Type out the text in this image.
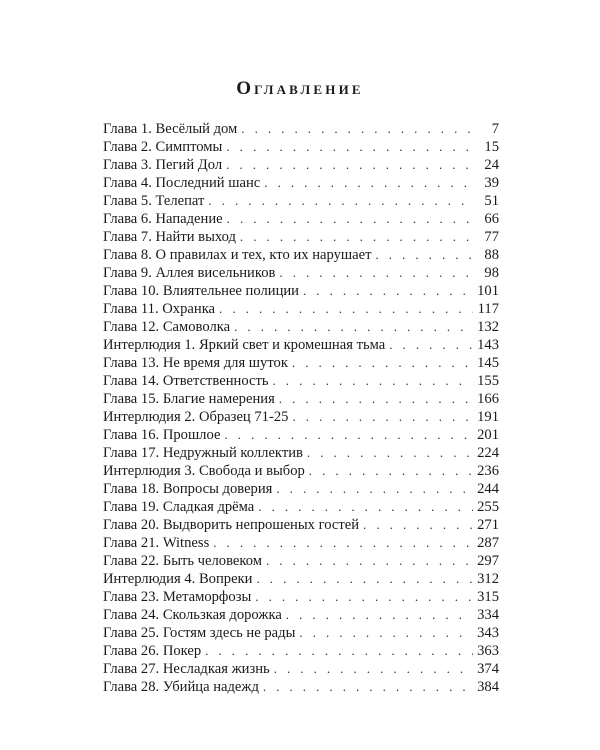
Оглавление
Глава 1. Весёлый дом . . .	7
Глава 2. Симптомы . . .	15
Глава 3. Пегий Дол . . .	24
Глава 4. Последний шанс . . .	39
Глава 5. Телепат . . .	51
Глава 6. Нападение . . .	66
Глава 7. Найти выход . . .	77
Глава 8. О правилах и тех, кто их нарушает . . .	88
Глава 9. Аллея висельников . . .	98
Глава 10. Влиятельнее полиции . . .	101
Глава 11. Охранка . . .	117
Глава 12. Самоволка . . .	132
Интерлюдия 1. Яркий свет и кромешная тьма . . .	143
Глава 13. Не время для шуток . . .	145
Глава 14. Ответственность . . .	155
Глава 15. Благие намерения . . .	166
Интерлюдия 2. Образец 71-25 . . .	191
Глава 16. Прошлое . . .	201
Глава 17. Недружный коллектив . . .	224
Интерлюдия 3. Свобода и выбор . . .	236
Глава 18. Вопросы доверия . . .	244
Глава 19. Сладкая дрёма . . .	255
Глава 20. Выдворить непрошеных гостей . . .	271
Глава 21. Witness . . .	287
Глава 22. Быть человеком . . .	297
Интерлюдия 4. Вопреки . . .	312
Глава 23. Метаморфозы . . .	315
Глава 24. Скользкая дорожка . . .	334
Глава 25. Гостям здесь не рады . . .	343
Глава 26. Покер . . .	363
Глава 27. Несладкая жизнь . . .	374
Глава 28. Убийца надежд . . .	384
